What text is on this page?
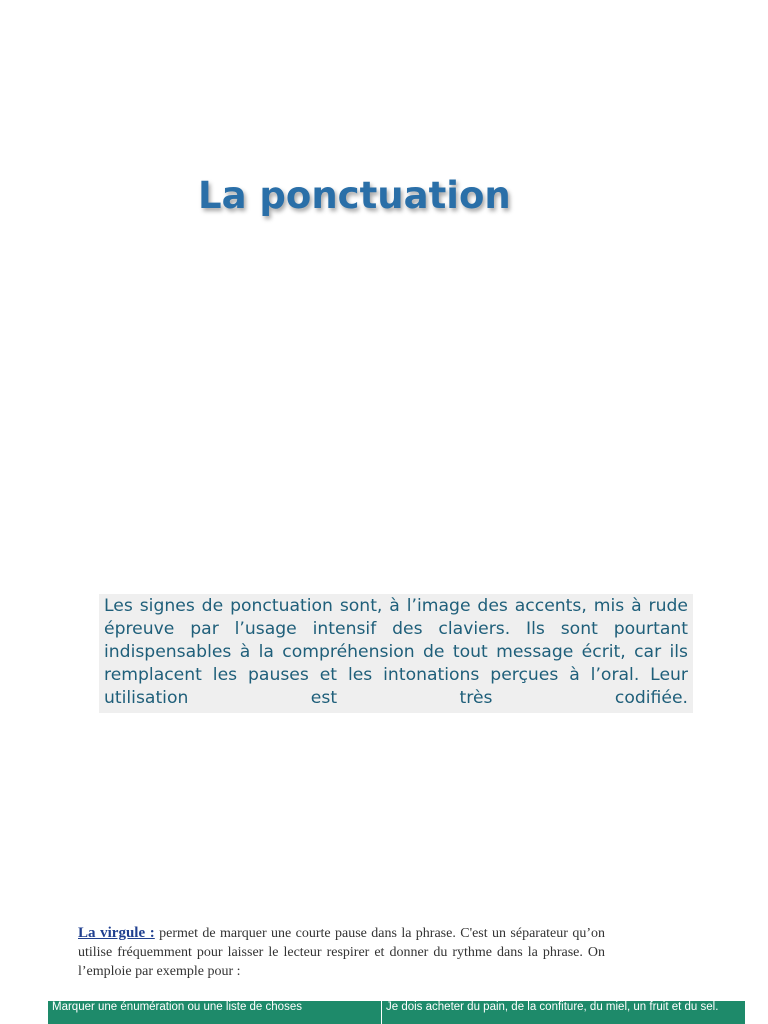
La ponctuation
Les signes de ponctuation sont, à l’image des accents, mis à rude épreuve par l’usage intensif des claviers. Ils sont pourtant indispensables à la compréhension de tout message écrit, car ils remplacent les pauses et les intonations perçues à l’oral. Leur utilisation est très codifiée.
La virgule : permet de marquer une courte pause dans la phrase. C'est un séparateur qu’on utilise fréquemment pour laisser le lecteur respirer et donner du rythme dans la phrase. On l’emploie par exemple pour :
Marquer une énumération ou une liste de choses	Je dois acheter du pain, de la confiture, du miel, un fruit et du sel.
